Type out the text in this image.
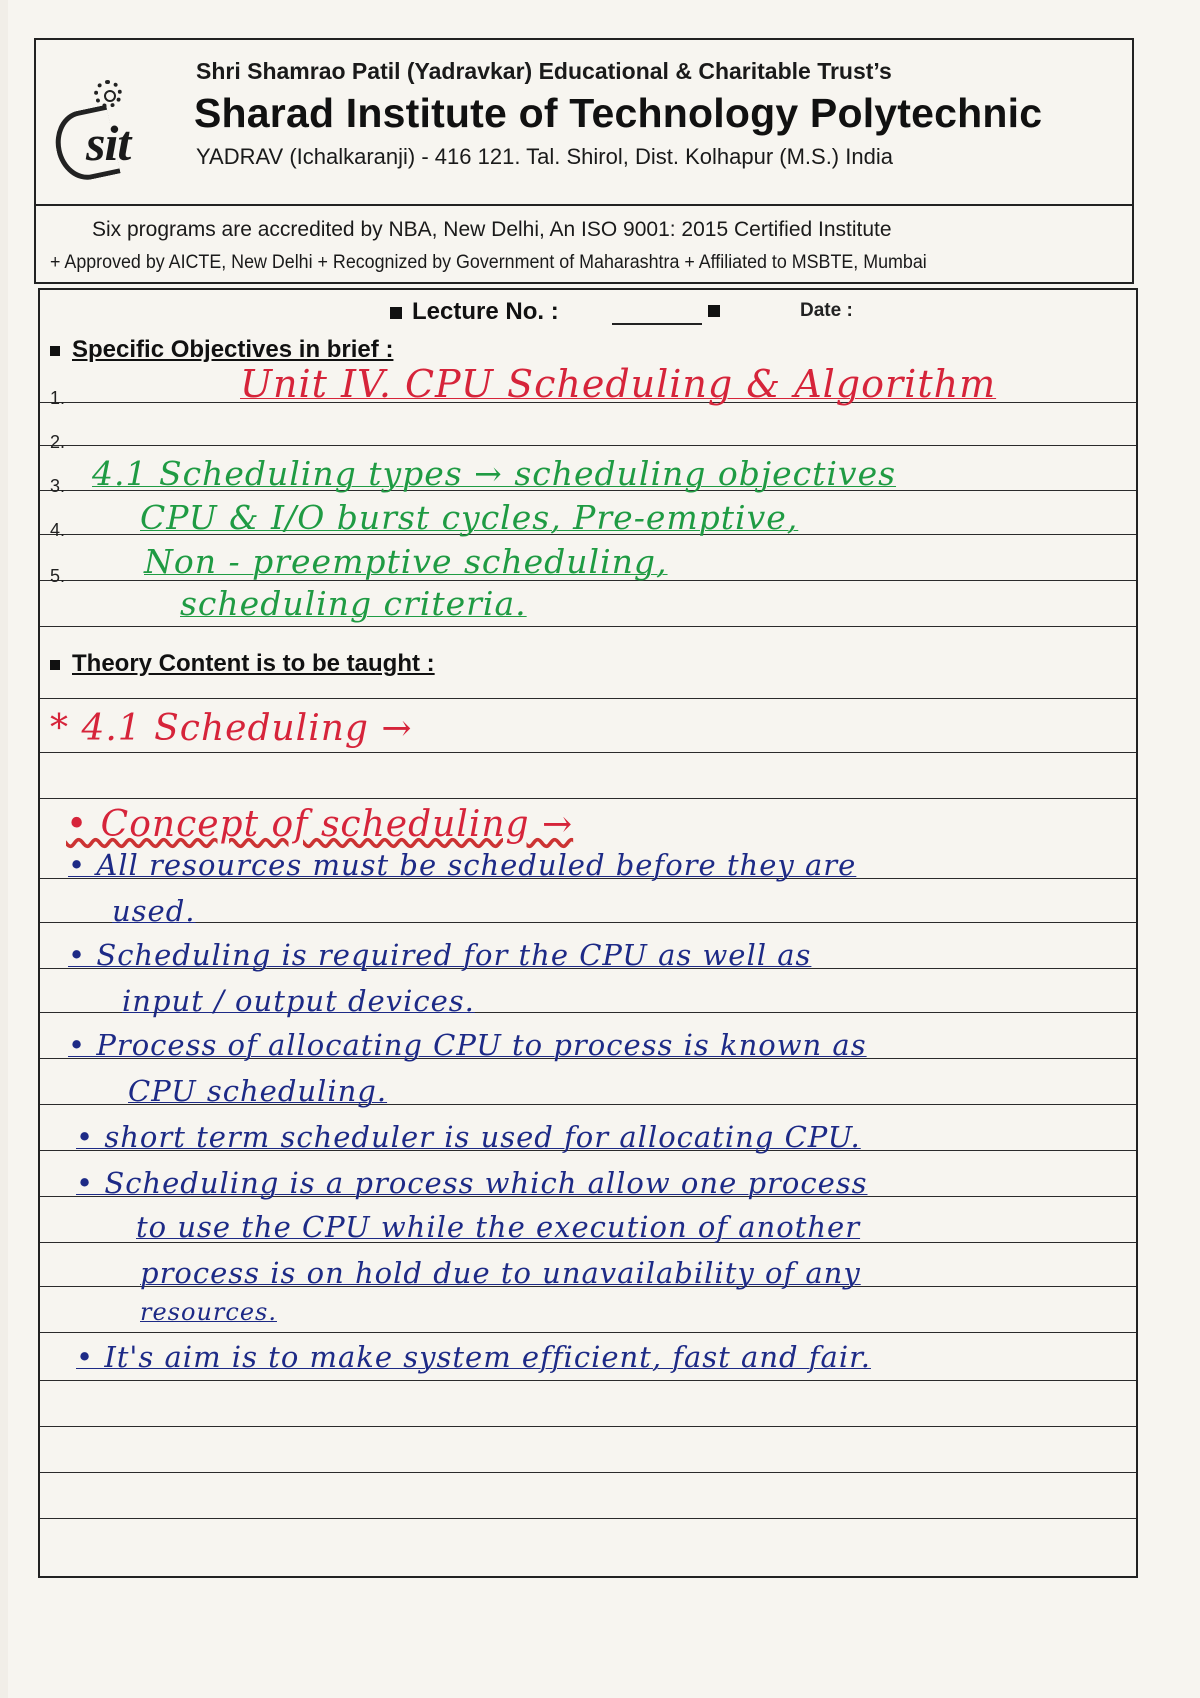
sit
Shri Shamrao Patil (Yadravkar) Educational & Charitable Trust’s
Sharad Institute of Technology Polytechnic
YADRAV (Ichalkaranji) - 416 121. Tal. Shirol, Dist. Kolhapur (M.S.) India
Six programs are accredited by NBA, New Delhi, An ISO 9001: 2015 Certified Institute
+ Approved by AICTE, New Delhi + Recognized by Government of Maharashtra + Affiliated to MSBTE, Mumbai
Lecture No. :	Date :
Specific Objectives in brief :
1.
2.
3.
4.
5.
Unit IV. CPU Scheduling & Algorithm
4.1 Scheduling types → scheduling objectives
CPU & I/O burst cycles, Pre-emptive,
Non - preemptive scheduling,
scheduling criteria.
Theory Content is to be taught :
* 4.1 Scheduling →
• Concept of scheduling →
• All resources must be scheduled before they are
used.
• Scheduling is required for the CPU as well as
input / output devices.
• Process of allocating CPU to process is known as
CPU scheduling.
• short term scheduler is used for allocating CPU.
• Scheduling is a process which allow one process
to use the CPU while the execution of another
process is on hold due to unavailability of any
resources.
• It's aim is to make system efficient, fast and fair.
